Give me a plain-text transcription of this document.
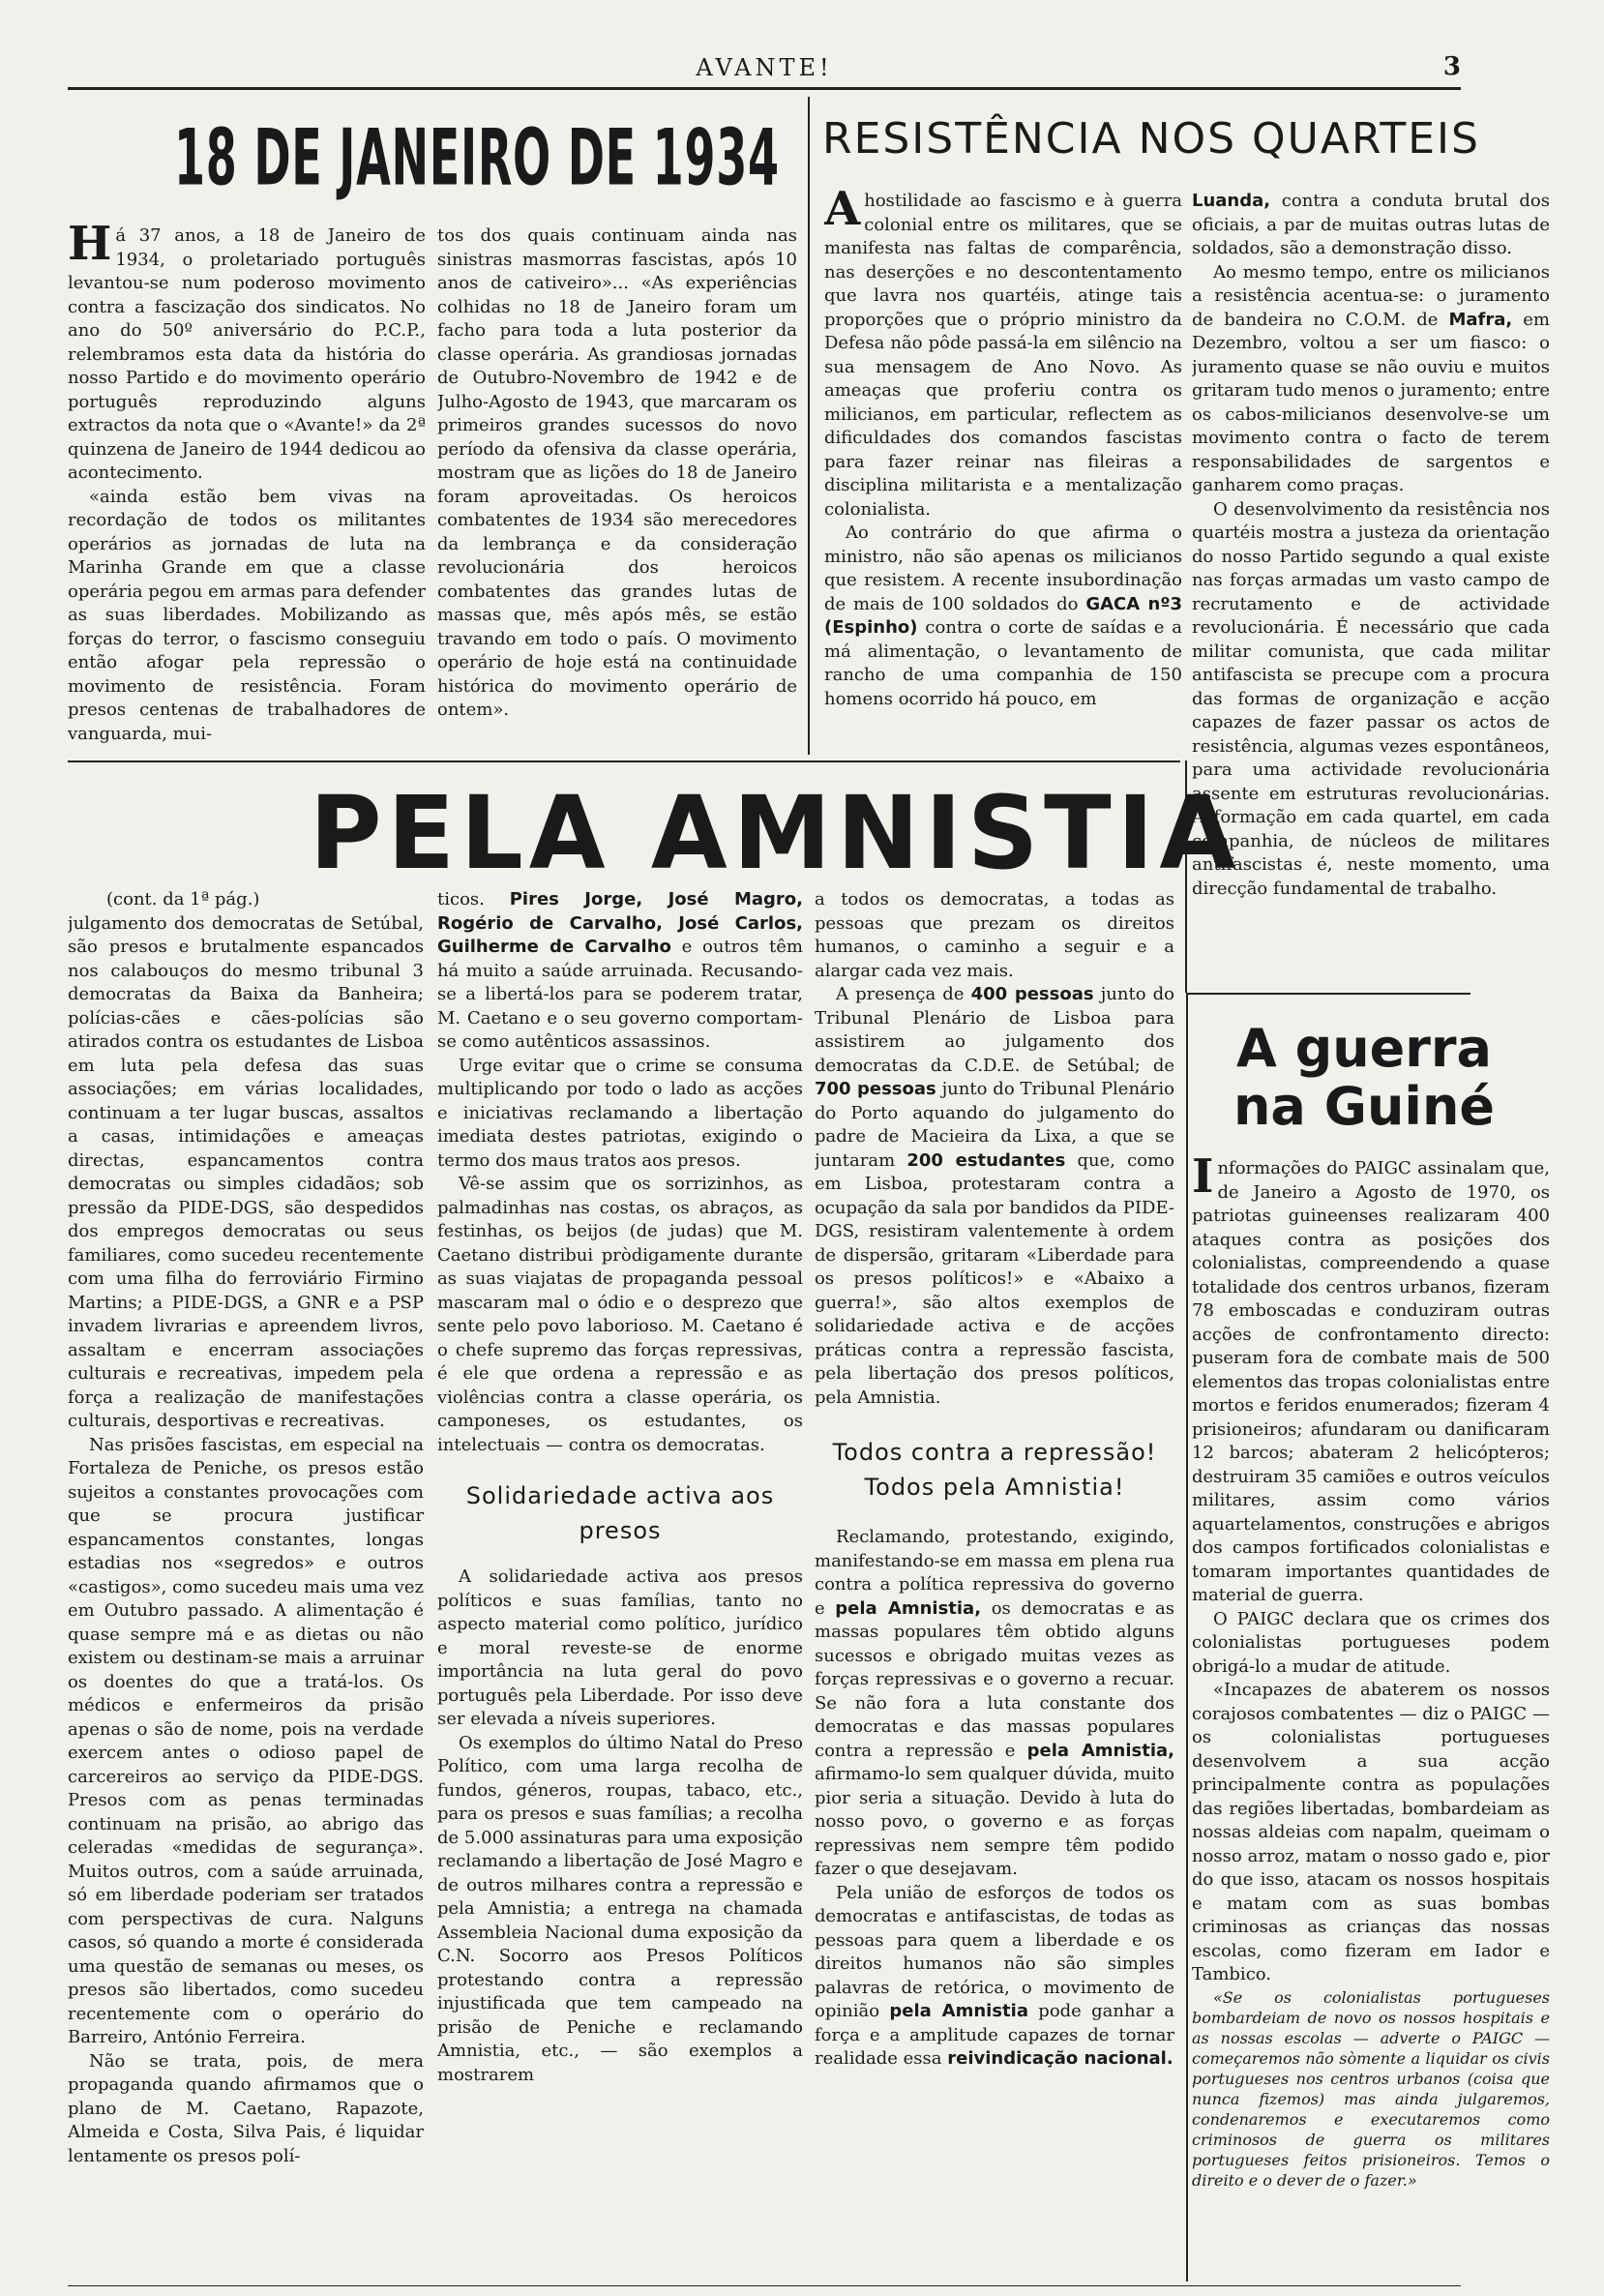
AVANTE!	3
18 DE JANEIRO DE 1934

Há 37 anos, a 18 de Janeiro de 1934, o proletariado português levantou-se num poderoso movimento contra a fascização dos sindicatos. No ano do 50º aniversário do P.C.P., relembramos esta data da história do nosso Partido e do movimento operário português reproduzindo alguns extractos da nota que o «Avante!» da 2ª quinzena de Janeiro de 1944 dedicou ao acontecimento.

«ainda estão bem vivas na recordação de todos os militantes operários as jornadas de luta na Marinha Grande em que a classe operária pegou em armas para defender as suas liberdades. Mobilizando as forças do terror, o fascismo conseguiu então afogar pela repressão o movimento de resistência. Foram presos centenas de trabalhadores de vanguarda, mui-

tos dos quais continuam ainda nas sinistras masmorras fascistas, após 10 anos de cativeiro»... «As experiências colhidas no 18 de Janeiro foram um facho para toda a luta posterior da classe operária. As grandiosas jornadas de Outubro-Novembro de 1942 e de Julho-Agosto de 1943, que marcaram os primeiros grandes sucessos do novo período da ofensiva da classe operária, mostram que as lições do 18 de Janeiro foram aproveitadas. Os heroicos combatentes de 1934 são merecedores da lembrança e da consideração revolucionária dos heroicos combatentes das grandes lutas de massas que, mês após mês, se estão travando em todo o país. O movimento operário de hoje está na continuidade histórica do movimento operário de ontem».

RESISTÊNCIA NOS QUARTEIS

A hostilidade ao fascismo e à guerra colonial entre os militares, que se manifesta nas faltas de comparência, nas deserções e no descontentamento que lavra nos quartéis, atinge tais proporções que o próprio ministro da Defesa não pôde passá-la em silêncio na sua mensagem de Ano Novo. As ameaças que proferiu contra os milicianos, em particular, reflectem as dificuldades dos comandos fascistas para fazer reinar nas fileiras a disciplina militarista e a mentalização colonialista.

Ao contrário do que afirma o ministro, não são apenas os milicianos que resistem. A recente insubordinação de mais de 100 soldados do GACA nº3 (Espinho) contra o corte de saídas e a má alimentação, o levantamento de rancho de uma companhia de 150 homens ocorrido há pouco, em

Luanda, contra a conduta brutal dos oficiais, a par de muitas outras lutas de soldados, são a demonstração disso.

Ao mesmo tempo, entre os milicianos a resistência acentua-se: o juramento de bandeira no C.O.M. de Mafra, em Dezembro, voltou a ser um fiasco: o juramento quase se não ouviu e muitos gritaram tudo menos o juramento; entre os cabos-milicianos desenvolve-se um movimento contra o facto de terem responsabilidades de sargentos e ganharem como praças.

O desenvolvimento da resistência nos quartéis mostra a justeza da orientação do nosso Partido segundo a qual existe nas forças armadas um vasto campo de recrutamento e de actividade revolucionária. É necessário que cada militar comunista, que cada militar antifascista se precupe com a procura das formas de organização e acção capazes de fazer passar os actos de resistência, algumas vezes espontâneos, para uma actividade revolucionária assente em estruturas revolucionárias. A formação em cada quartel, em cada companhia, de núcleos de militares antifascistas é, neste momento, uma direcção fundamental de trabalho.

PELA AMNISTIA

(cont. da 1ª pág.)

julgamento dos democratas de Setúbal, são presos e brutalmente espancados nos calabouços do mesmo tribunal 3 democratas da Baixa da Banheira; polícias-cães e cães-polícias são atirados contra os estudantes de Lisboa em luta pela defesa das suas associações; em várias localidades, continuam a ter lugar buscas, assaltos a casas, intimidações e ameaças directas, espancamentos contra democratas ou simples cidadãos; sob pressão da PIDE-DGS, são despedidos dos empregos democratas ou seus familiares, como sucedeu recentemente com uma filha do ferroviário Firmino Martins; a PIDE-DGS, a GNR e a PSP invadem livrarias e apreendem livros, assaltam e encerram associações culturais e recreativas, impedem pela força a realização de manifestações culturais, desportivas e recreativas.

Nas prisões fascistas, em especial na Fortaleza de Peniche, os presos estão sujeitos a constantes provocações com que se procura justificar espancamentos constantes, longas estadias nos «segredos» e outros «castigos», como sucedeu mais uma vez em Outubro passado. A alimentação é quase sempre má e as dietas ou não existem ou destinam-se mais a arruinar os doentes do que a tratá-los. Os médicos e enfermeiros da prisão apenas o são de nome, pois na verdade exercem antes o odioso papel de carcereiros ao serviço da PIDE-DGS. Presos com as penas terminadas continuam na prisão, ao abrigo das celeradas «medidas de segurança». Muitos outros, com a saúde arruinada, só em liberdade poderiam ser tratados com perspectivas de cura. Nalguns casos, só quando a morte é considerada uma questão de semanas ou meses, os presos são libertados, como sucedeu recentemente com o operário do Barreiro, António Ferreira.

Não se trata, pois, de mera propaganda quando afirmamos que o plano de M. Caetano, Rapazote, Almeida e Costa, Silva Pais, é liquidar lentamente os presos polí-

ticos. Pires Jorge, José Magro, Rogério de Carvalho, José Carlos, Guilherme de Carvalho e outros têm há muito a saúde arruinada. Recusando-se a libertá-los para se poderem tratar, M. Caetano e o seu governo comportam-se como autênticos assassinos.

Urge evitar que o crime se consuma multiplicando por todo o lado as acções e iniciativas reclamando a libertação imediata destes patriotas, exigindo o termo dos maus tratos aos presos.

Vê-se assim que os sorrizinhos, as palmadinhas nas costas, os abraços, as festinhas, os beijos (de judas) que M. Caetano distribui pròdigamente durante as suas viajatas de propaganda pessoal mascaram mal o ódio e o desprezo que sente pelo povo laborioso. M. Caetano é o chefe supremo das forças repressivas, é ele que ordena a repressão e as violências contra a classe operária, os camponeses, os estudantes, os intelectuais — contra os democratas.

Solidariedade activa aos presos

A solidariedade activa aos presos políticos e suas famílias, tanto no aspecto material como político, jurídico e moral reveste-se de enorme importância na luta geral do povo português pela Liberdade. Por isso deve ser elevada a níveis superiores.

Os exemplos do último Natal do Preso Político, com uma larga recolha de fundos, géneros, roupas, tabaco, etc., para os presos e suas famílias; a recolha de 5.000 assinaturas para uma exposição reclamando a libertação de José Magro e de outros milhares contra a repressão e pela Amnistia; a entrega na chamada Assembleia Nacional duma exposição da C.N. Socorro aos Presos Políticos protestando contra a repressão injustificada que tem campeado na prisão de Peniche e reclamando Amnistia, etc., — são exemplos a mostrarem

a todos os democratas, a todas as pessoas que prezam os direitos humanos, o caminho a seguir e a alargar cada vez mais.

A presença de 400 pessoas junto do Tribunal Plenário de Lisboa para assistirem ao julgamento dos democratas da C.D.E. de Setúbal; de 700 pessoas junto do Tribunal Plenário do Porto aquando do julgamento do padre de Macieira da Lixa, a que se juntaram 200 estudantes que, como em Lisboa, protestaram contra a ocupação da sala por bandidos da PIDE-DGS, resistiram valentemente à ordem de dispersão, gritaram «Liberdade para os presos políticos!» e «Abaixo a guerra!», são altos exemplos de solidariedade activa e de acções práticas contra a repressão fascista, pela libertação dos presos políticos, pela Amnistia.

Todos contra a repressão! Todos pela Amnistia!

Reclamando, protestando, exigindo, manifestando-se em massa em plena rua contra a política repressiva do governo e pela Amnistia, os democratas e as massas populares têm obtido alguns sucessos e obrigado muitas vezes as forças repressivas e o governo a recuar. Se não fora a luta constante dos democratas e das massas populares contra a repressão e pela Amnistia, afirmamo-lo sem qualquer dúvida, muito pior seria a situação. Devido à luta do nosso povo, o governo e as forças repressivas nem sempre têm podido fazer o que desejavam.

Pela união de esforços de todos os democratas e antifascistas, de todas as pessoas para quem a liberdade e os direitos humanos não são simples palavras de retórica, o movimento de opinião pela Amnistia pode ganhar a força e a amplitude capazes de tornar realidade essa reivindicação nacional.

A guerra na Guiné

Informações do PAIGC assinalam que, de Janeiro a Agosto de 1970, os patriotas guineenses realizaram 400 ataques contra as posições dos colonialistas, compreendendo a quase totalidade dos centros urbanos, fizeram 78 emboscadas e conduziram outras acções de confrontamento directo: puseram fora de combate mais de 500 elementos das tropas colonialistas entre mortos e feridos enumerados; fizeram 4 prisioneiros; afundaram ou danificaram 12 barcos; abateram 2 helicópteros; destruiram 35 camiões e outros veículos militares, assim como vários aquartelamentos, construções e abrigos dos campos fortificados colonialistas e tomaram importantes quantidades de material de guerra.

O PAIGC declara que os crimes dos colonialistas portugueses podem obrigá-lo a mudar de atitude.

«Incapazes de abaterem os nossos corajosos combatentes — diz o PAIGC — os colonialistas portugueses desenvolvem a sua acção principalmente contra as populações das regiões libertadas, bombardeiam as nossas aldeias com napalm, queimam o nosso arroz, matam o nosso gado e, pior do que isso, atacam os nossos hospitais e matam com as suas bombas criminosas as crianças das nossas escolas, como fizeram em Iador e Tambico.

«Se os colonialistas portugueses bombardeiam de novo os nossos hospitais e as nossas escolas — adverte o PAIGC — começaremos não sòmente a liquidar os civis portugueses nos centros urbanos (coisa que nunca fizemos) mas ainda julgaremos, condenaremos e executaremos como criminosos de guerra os militares portugueses feitos prisioneiros. Temos o direito e o dever de o fazer.»
